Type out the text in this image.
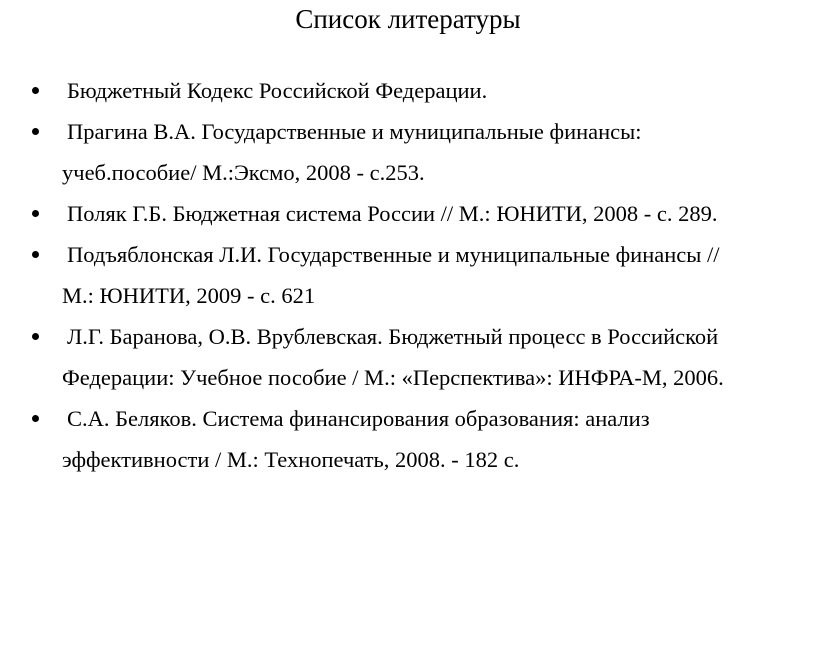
Список литературы
Бюджетный Кодекс Российской Федерации.
Прагина В.А. Государственные и муниципальные финансы:
учеб.пособие/ М.:Эксмо, 2008 - с.253.
Поляк Г.Б. Бюджетная система России // М.: ЮНИТИ, 2008 - с. 289.
Подъяблонская Л.И. Государственные и муниципальные финансы //
М.: ЮНИТИ, 2009 - с. 621
Л.Г. Баранова, О.В. Врублевская. Бюджетный процесс в Российской
Федерации: Учебное пособие / М.: «Перспектива»: ИНФРА-М, 2006.
С.А. Беляков. Система финансирования образования: анализ
эффективности / М.: Технопечать, 2008. - 182 с.
